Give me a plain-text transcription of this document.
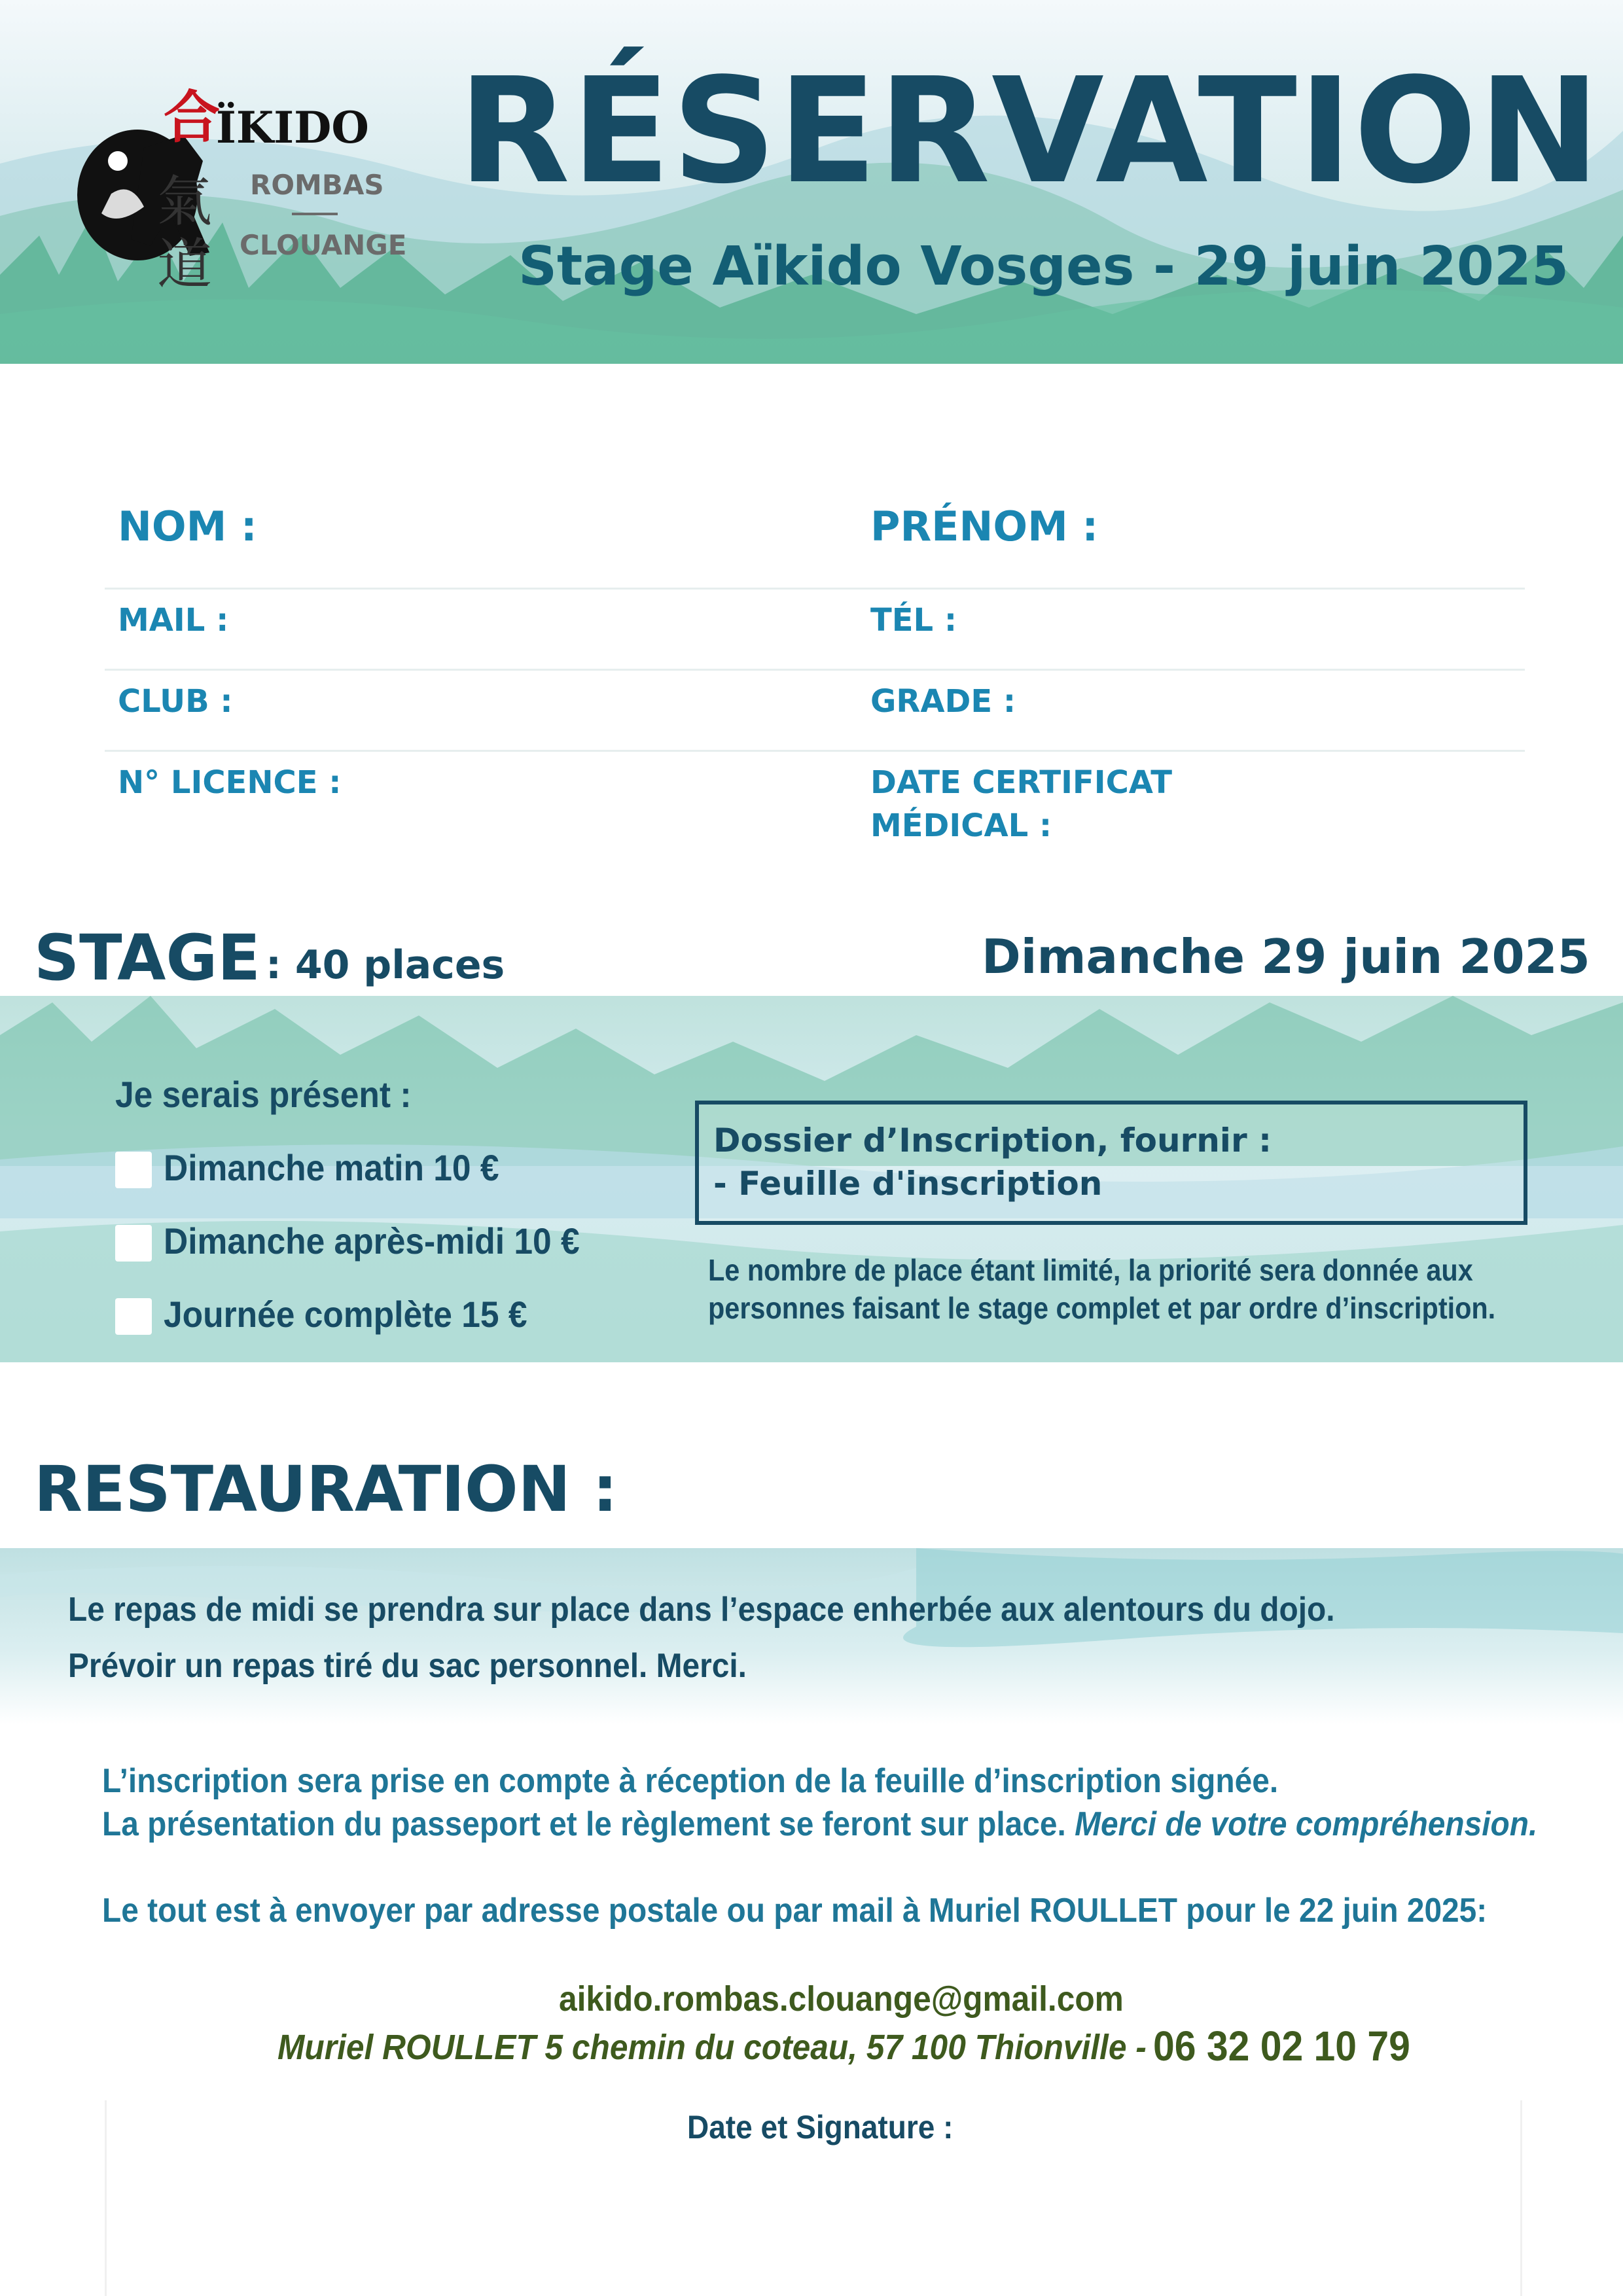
合

ÏKIDO

氣道

ROMBAS

CLOUANGE

RÉSERVATION

Stage Aïkido Vosges - 29 juin 2025

NOM :	PRÉNOM :

MAIL :	TÉL :

CLUB :	GRADE :

N° LICENCE :	DATE CERTIFICAT

MÉDICAL :

STAGE : 40 places	Dimanche 29 juin 2025

Je serais présent :

Dimanche matin 10 €

Dimanche après-midi 10 €

Journée complète 15 €

Dossier d’Inscription, fournir :

- Feuille d'inscription

Le nombre de place étant limité, la priorité sera donnée aux

personnes faisant le stage complet et par ordre d’inscription.

RESTAURATION :

Le repas de midi se prendra sur place dans l’espace enherbée aux alentours du dojo.

Prévoir un repas tiré du sac personnel. Merci.

L’inscription sera prise en compte à réception de la feuille d’inscription signée.

La présentation du passeport et le règlement se feront sur place. Merci de votre compréhension.

Le tout est à envoyer par adresse postale ou par mail à Muriel ROULLET pour le 22 juin 2025:

aikido.rombas.clouange@gmail.com

Muriel ROULLET 5 chemin du coteau, 57 100 Thionville - 06 32 02 10 79

Date et Signature :
